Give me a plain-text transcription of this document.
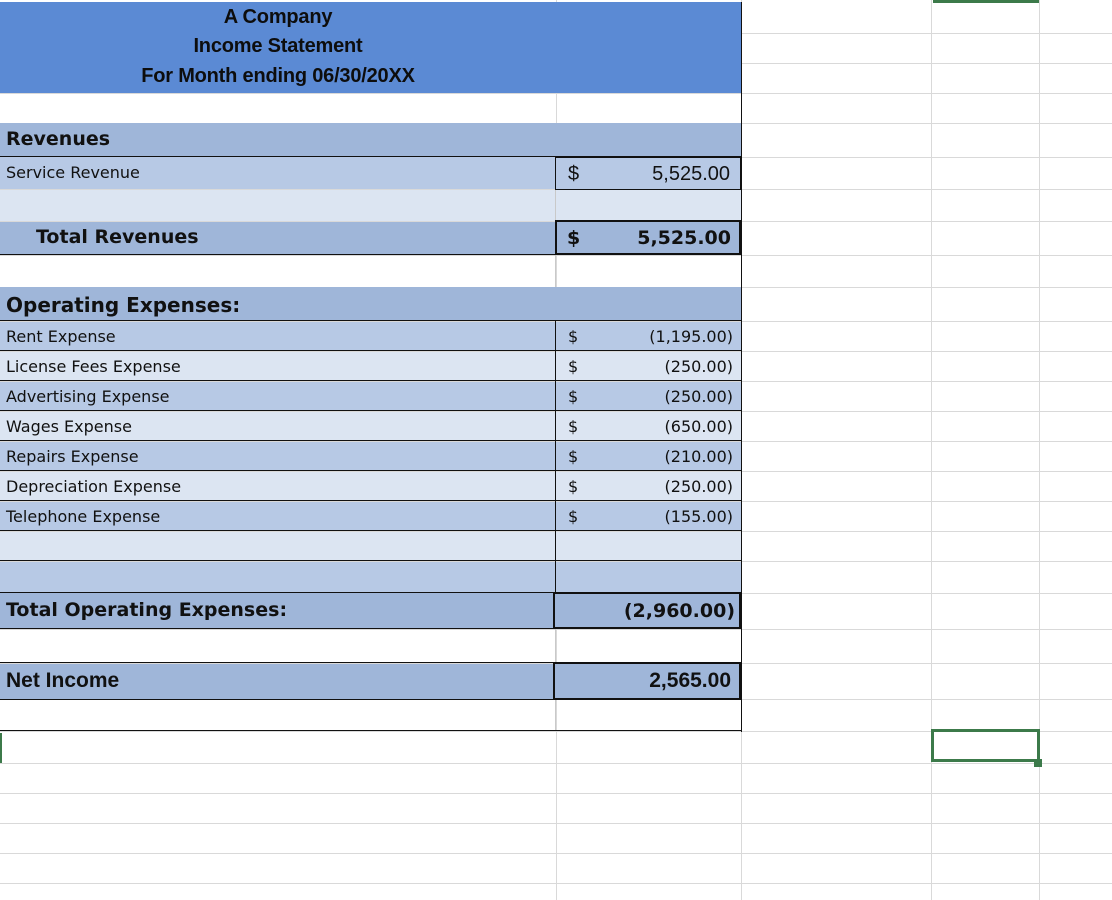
A Company
Income Statement
For Month ending 06/30/20XX
Revenues
Service Revenue	$	5,525.00
Total Revenues	$	5,525.00
Operating Expenses:
Rent Expense	$	(1,195.00)
License Fees Expense	$	(250.00)
Advertising Expense	$	(250.00)
Wages Expense	$	(650.00)
Repairs Expense	$	(210.00)
Depreciation Expense	$	(250.00)
Telephone Expense	$	(155.00)
Total Operating Expenses:	(2,960.00)
Net Income	2,565.00
